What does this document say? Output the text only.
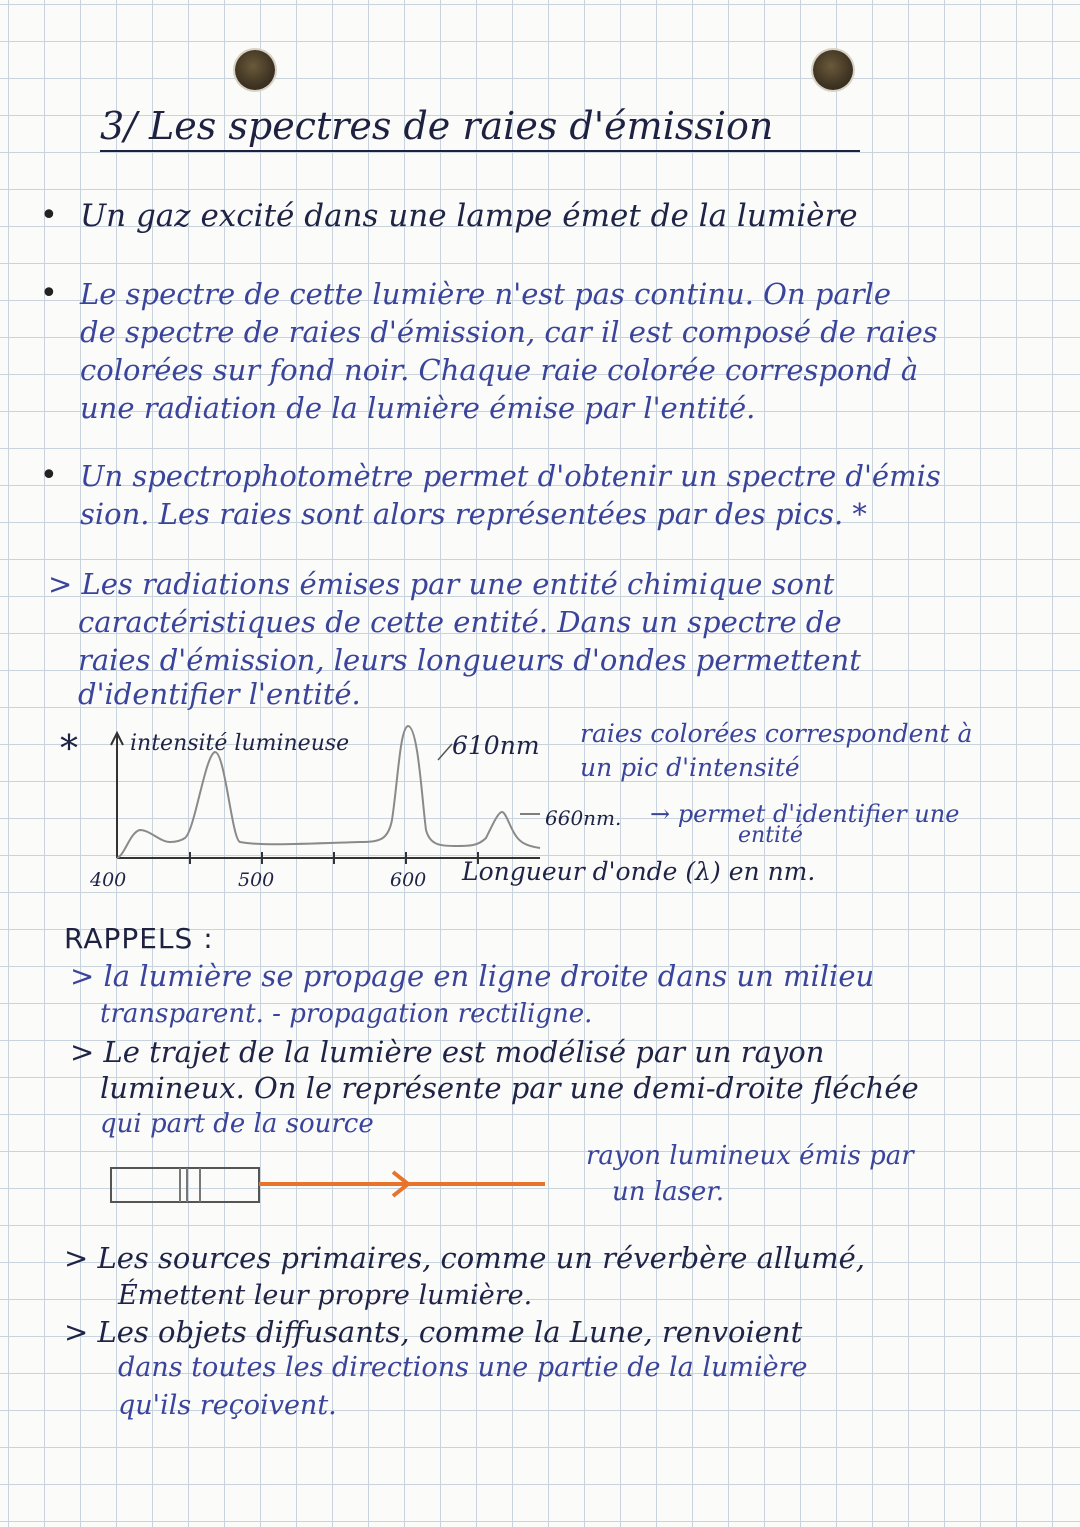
3/ Les spectres de raies d'émission
• Un gaz excité dans une lampe émet de la lumière
• Le spectre de cette lumière n'est pas continu. On parle
de spectre de raies d'émission, car il est composé de raies
colorées sur fond noir. Chaque raie colorée correspond à
une radiation de la lumière émise par l'entité.
• Un spectrophotomètre permet d'obtenir un spectre d'émis
sion. Les raies sont alors représentées par des pics. *
> Les radiations émises par une entité chimique sont
caractéristiques de cette entité. Dans un spectre de
raies d'émission, leurs longueurs d'ondes permettent
d'identifier l'entité.
* intensité lumineuse	610nm
660nm.
400	500	600 Longueur d'onde (λ) en nm.
raies colorées correspondent à
un pic d'intensité
→ permet d'identifier une
entité
RAPPELS :
> la lumière se propage en ligne droite dans un milieu
transparent. - propagation rectiligne.
> Le trajet de la lumière est modélisé par un rayon
lumineux. On le représente par une demi-droite fléchée
qui part de la source
rayon lumineux émis par
un laser.
> Les sources primaires, comme un réverbère allumé,
Émettent leur propre lumière.
> Les objets diffusants, comme la Lune, renvoient
dans toutes les directions une partie de la lumière
qu'ils reçoivent.
